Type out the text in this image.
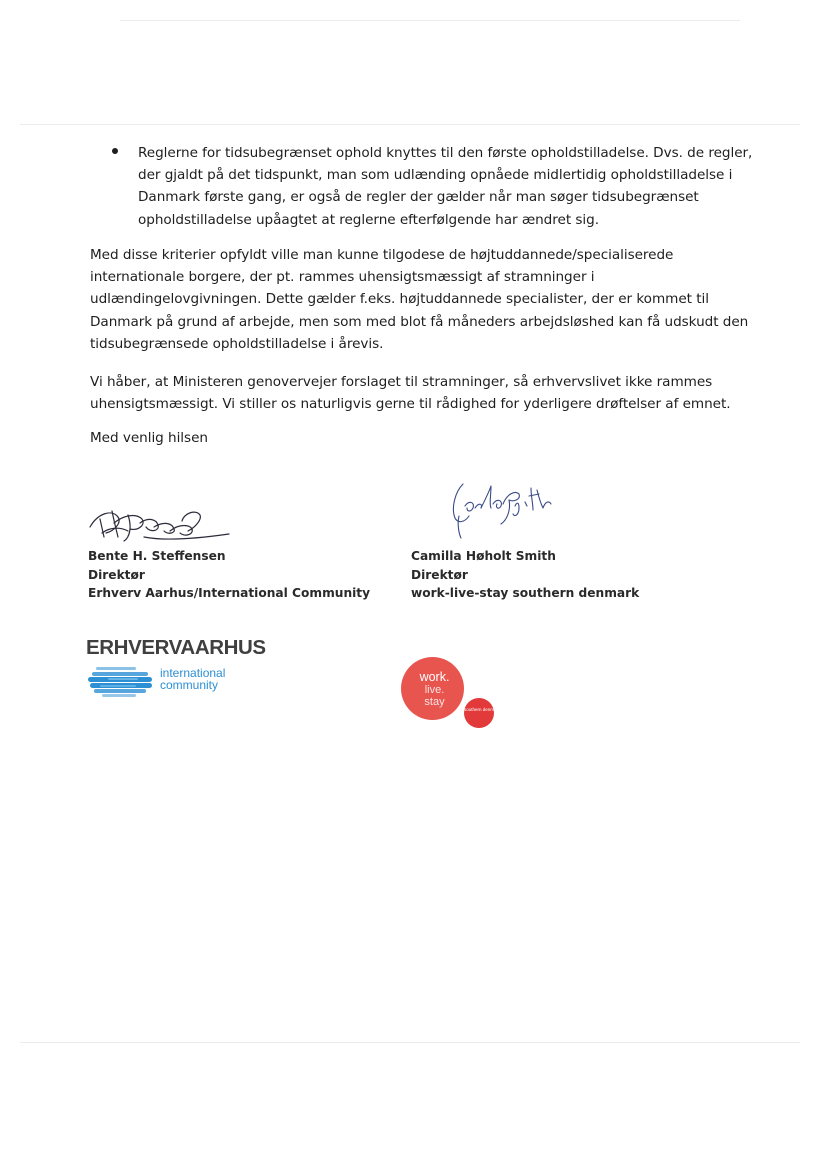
Reglerne for tidsubegrænset ophold knyttes til den første opholdstilladelse. Dvs. de regler,
der gjaldt på det tidspunkt, man som udlænding opnåede midlertidig opholdstilladelse i
Danmark første gang, er også de regler der gælder når man søger tidsubegrænset
opholdstilladelse upåagtet at reglerne efterfølgende har ændret sig.
Med disse kriterier opfyldt ville man kunne tilgodese de højtuddannede/specialiserede
internationale borgere, der pt. rammes uhensigtsmæssigt af stramninger i
udlændingelovgivningen. Dette gælder f.eks. højtuddannede specialister, der er kommet til
Danmark på grund af arbejde, men som med blot få måneders arbejdsløshed kan få udskudt den
tidsubegrænsede opholdstilladelse i årevis.
Vi håber, at Ministeren genovervejer forslaget til stramninger, så erhvervslivet ikke rammes
uhensigtsmæssigt. Vi stiller os naturligvis gerne til rådighed for yderligere drøftelser af emnet.
Med venlig hilsen
Bente H. Steffensen
Direktør
Erhverv Aarhus/International Community
Camilla Høholt Smith
Direktør
work-live-stay southern denmark
ERHVERVAARHUS
international
community
work.
live.
stay
southern denmark
